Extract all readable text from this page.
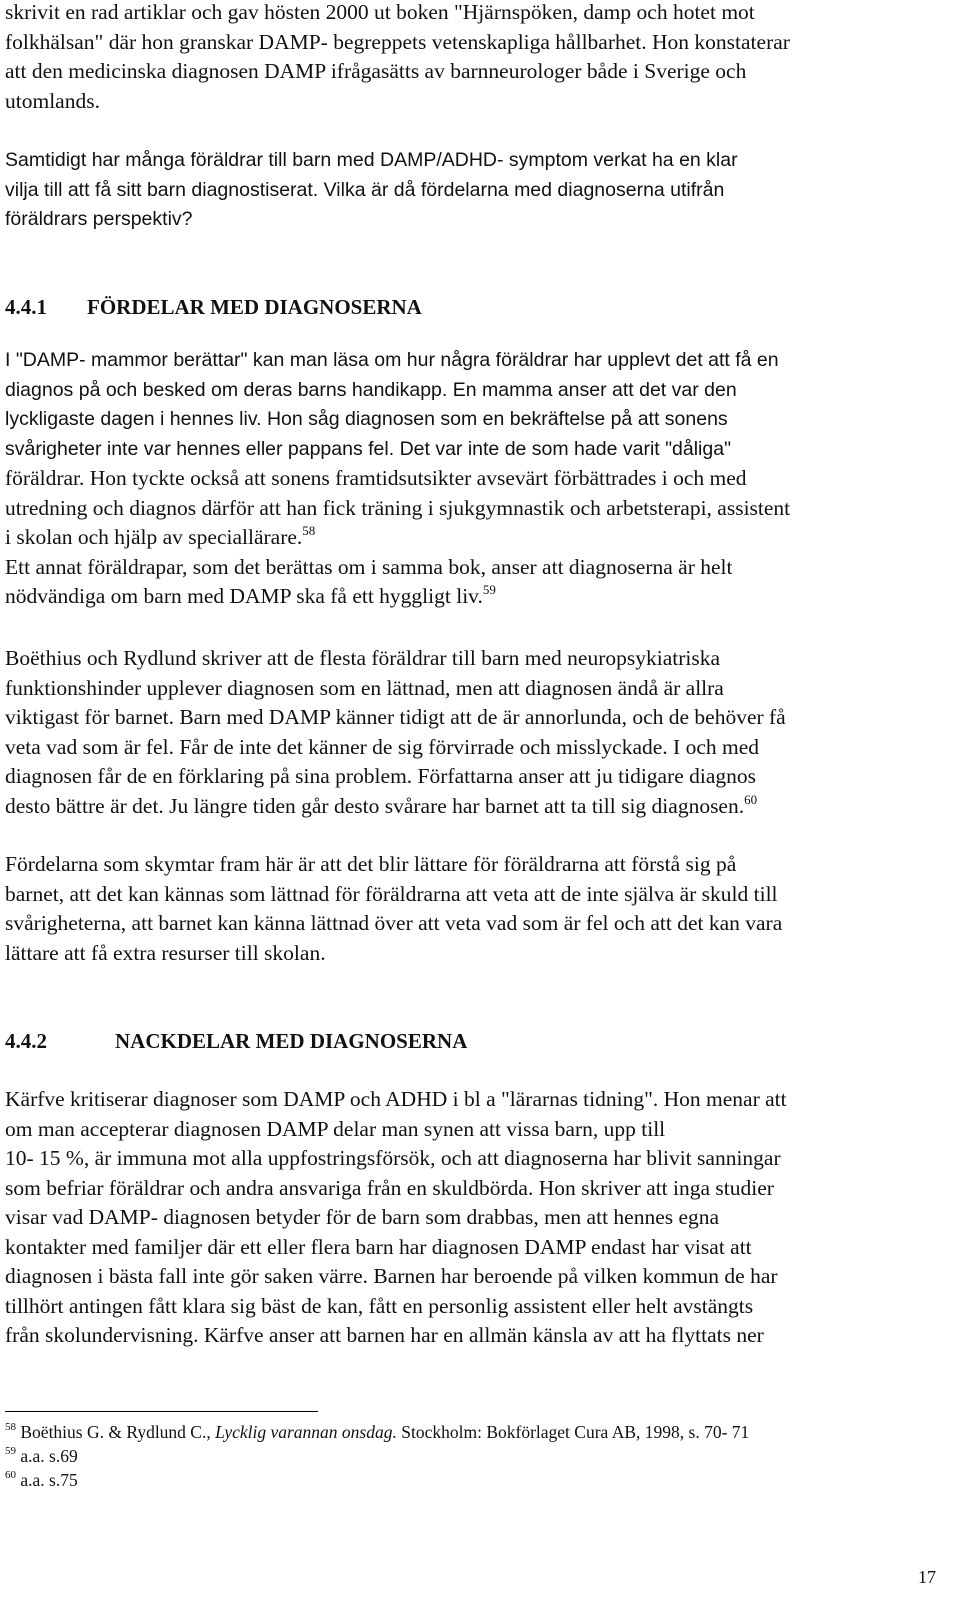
skrivit en rad artiklar och gav hösten 2000 ut boken "Hjärnspöken, damp och hotet mot
folkhälsan" där hon granskar DAMP- begreppets vetenskapliga hållbarhet. Hon konstaterar
att den medicinska diagnosen DAMP ifrågasätts av barnneurologer både i Sverige och
utomlands.
Samtidigt har många föräldrar till barn med DAMP/ADHD- symptom verkat ha en klar
vilja till att få sitt barn diagnostiserat. Vilka är då fördelarna med diagnoserna utifrån
föräldrars perspektiv?
4.4.1 FÖRDELAR MED DIAGNOSERNA
I "DAMP- mammor berättar" kan man läsa om hur några föräldrar har upplevt det att få en
diagnos på och besked om deras barns handikapp. En mamma anser att det var den
lyckligaste dagen i hennes liv. Hon såg diagnosen som en bekräftelse på att sonens
svårigheter inte var hennes eller pappans fel. Det var inte de som hade varit "dåliga"
föräldrar. Hon tyckte också att sonens framtidsutsikter avsevärt förbättrades i och med
utredning och diagnos därför att han fick träning i sjukgymnastik och arbetsterapi, assistent
i skolan och hjälp av speciallärare.$^{58}$
Ett annat föräldrapar, som det berättas om i samma bok, anser att diagnoserna är helt
nödvändiga om barn med DAMP ska få ett hyggligt liv.$^{59}$
Boëthius och Rydlund skriver att de flesta föräldrar till barn med neuropsykiatriska
funktionshinder upplever diagnosen som en lättnad, men att diagnosen ändå är allra
viktigast för barnet. Barn med DAMP känner tidigt att de är annorlunda, och de behöver få
veta vad som är fel. Får de inte det känner de sig förvirrade och misslyckade. I och med
diagnosen får de en förklaring på sina problem. Författarna anser att ju tidigare diagnos
desto bättre är det. Ju längre tiden går desto svårare har barnet att ta till sig diagnosen.$^{60}$
Fördelarna som skymtar fram här är att det blir lättare för föräldrarna att förstå sig på
barnet, att det kan kännas som lättnad för föräldrarna att veta att de inte själva är skuld till
svårigheterna, att barnet kan känna lättnad över att veta vad som är fel och att det kan vara
lättare att få extra resurser till skolan.
4.4.2	NACKDELAR MED DIAGNOSERNA
Kärfve kritiserar diagnoser som DAMP och ADHD i bl a "lärarnas tidning". Hon menar att
om man accepterar diagnosen DAMP delar man synen att vissa barn, upp till
10- 15 %, är immuna mot alla uppfostringsförsök, och att diagnoserna har blivit sanningar
som befriar föräldrar och andra ansvariga från en skuldbörda. Hon skriver att inga studier
visar vad DAMP- diagnosen betyder för de barn som drabbas, men att hennes egna
kontakter med familjer där ett eller flera barn har diagnosen DAMP endast har visat att
diagnosen i bästa fall inte gör saken värre. Barnen har beroende på vilken kommun de har
tillhört antingen fått klara sig bäst de kan, fått en personlig assistent eller helt avstängts
från skolundervisning. Kärfve anser att barnen har en allmän känsla av att ha flyttats ner
$^{58}$ Boëthius G. & Rydlund C., Lycklig varannan onsdag. Stockholm: Bokförlaget Cura AB, 1998, s. 70- 71
$^{59}$ a.a. s.69
$^{60}$ a.a. s.75
17
